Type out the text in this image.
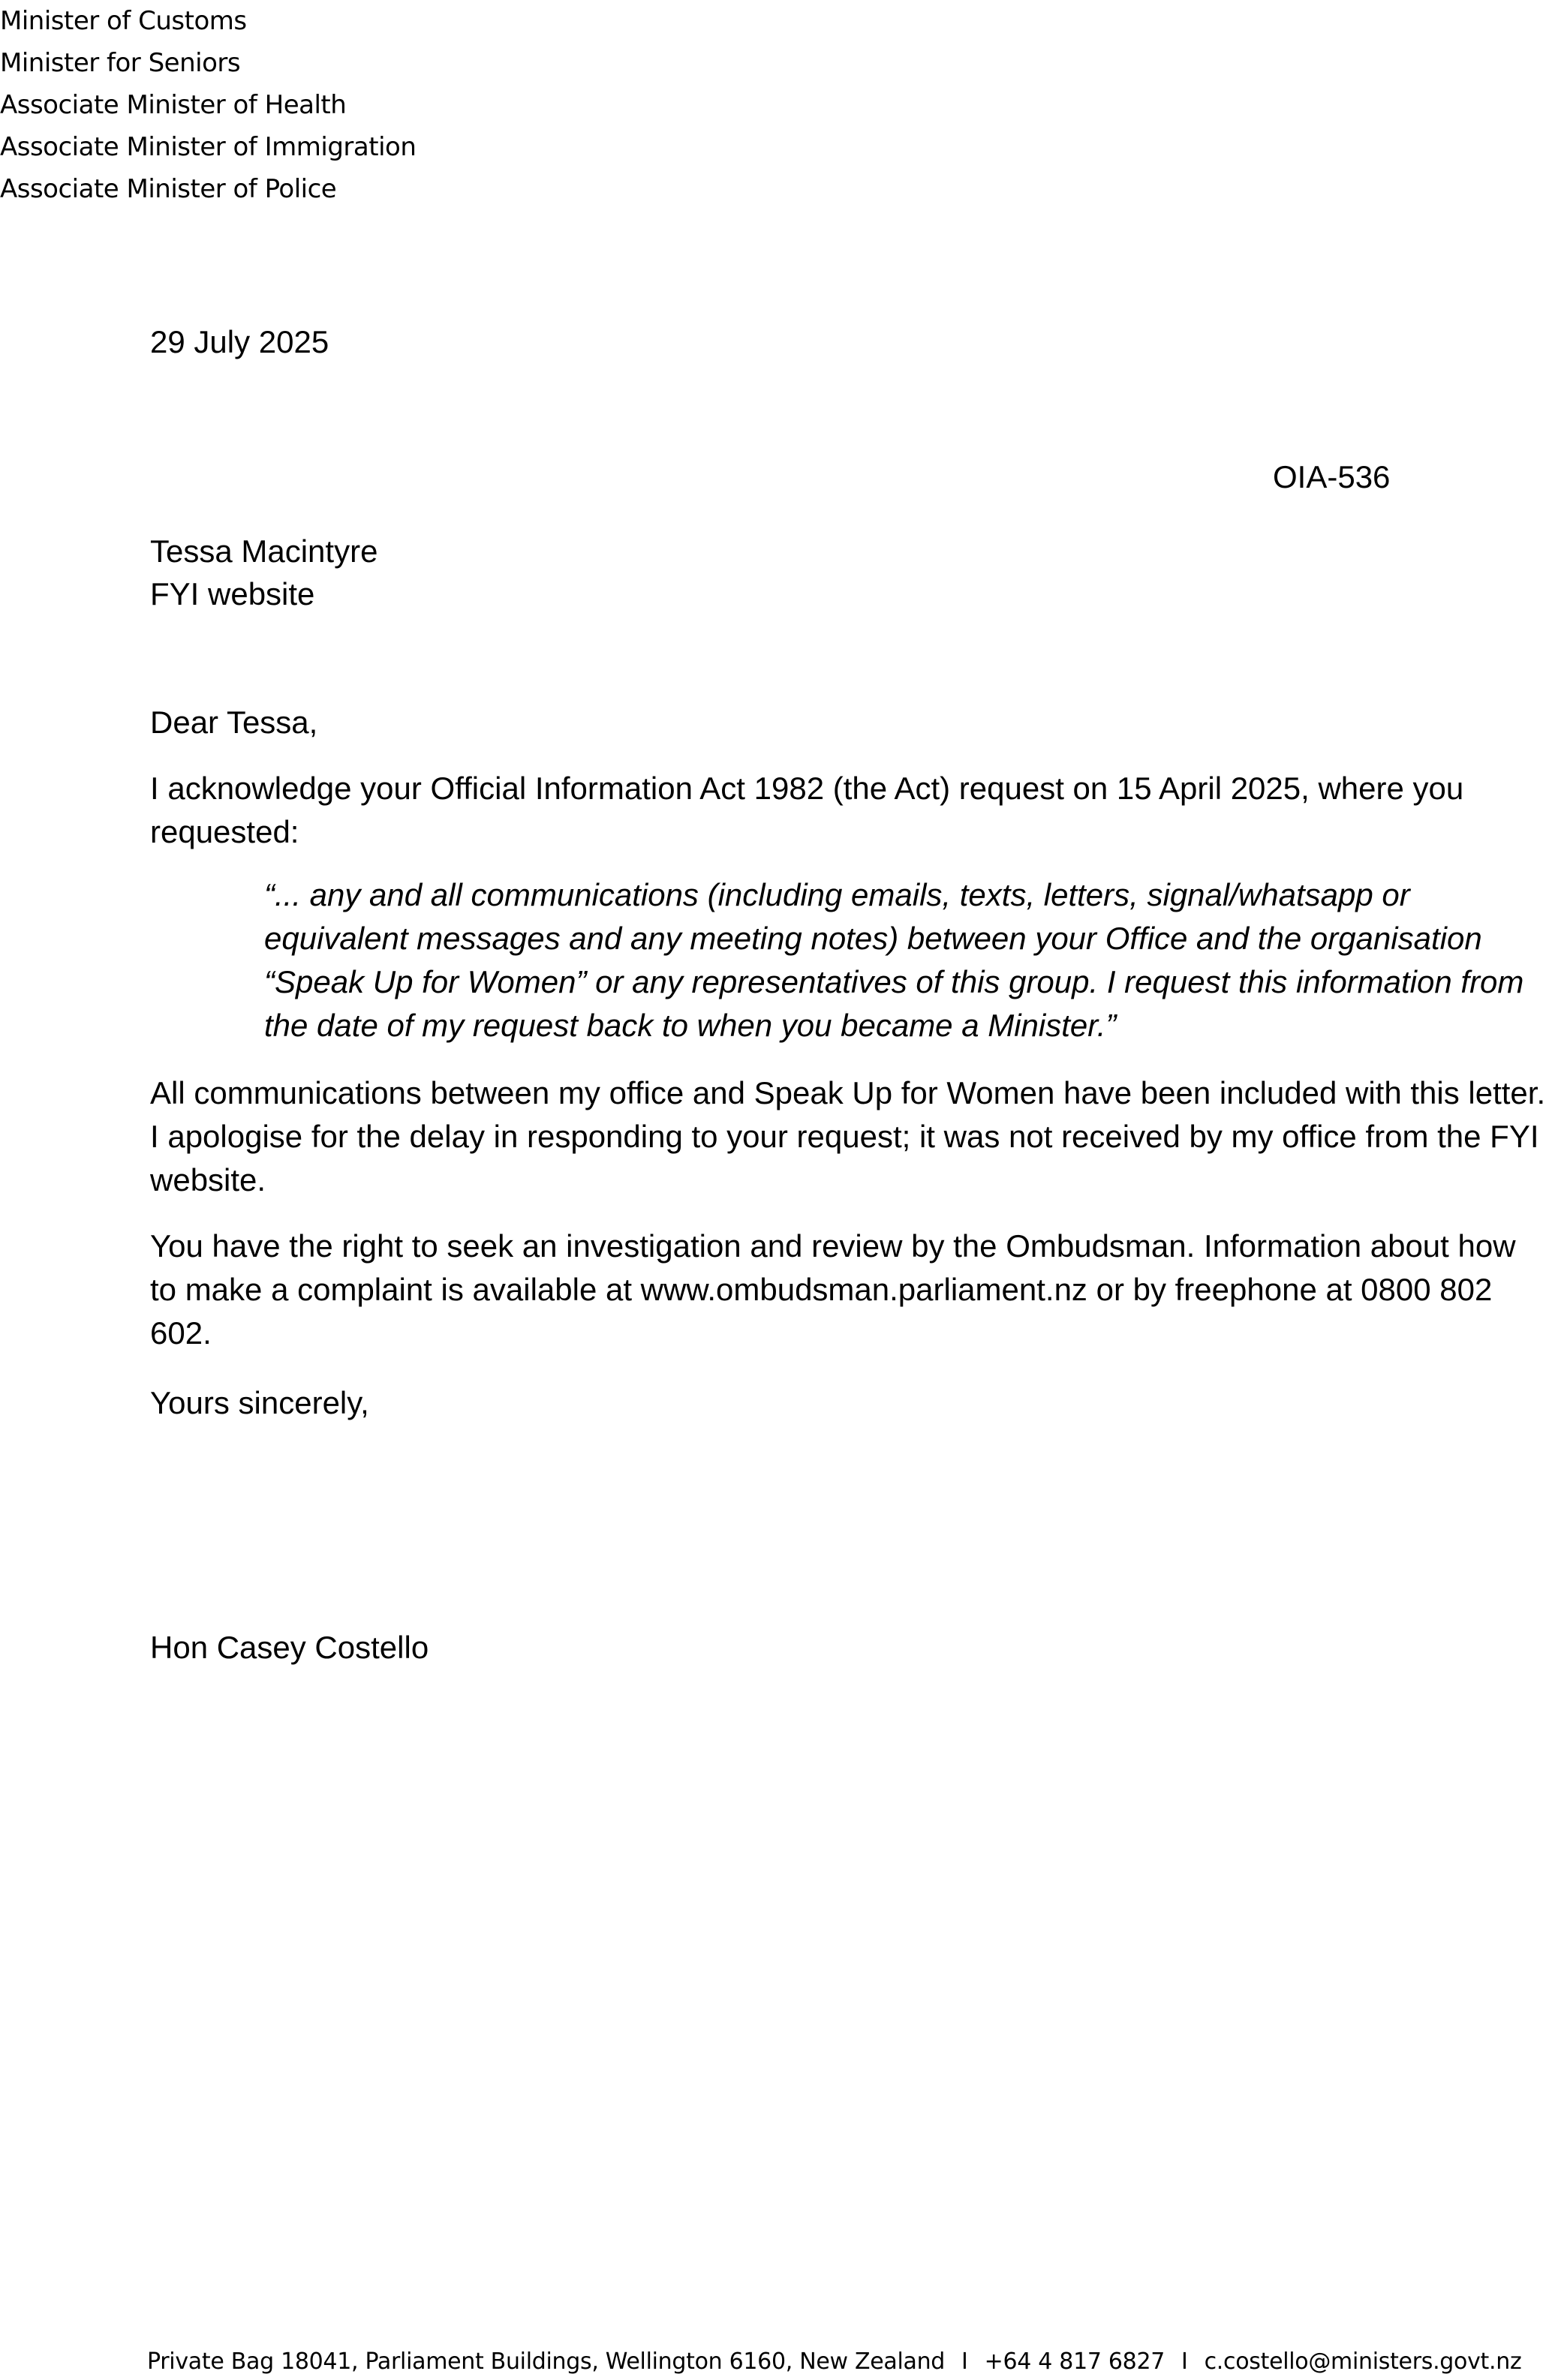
Minister of Customs
Minister for Seniors
Associate Minister of Health
Associate Minister of Immigration
Associate Minister of Police
29 July 2025
OIA-536
Tessa Macintyre
FYI website
Dear Tessa,
I acknowledge your Official Information Act 1982 (the Act) request on 15 April 2025, where you requested:
“... any and all communications (including emails, texts, letters, signal/whatsapp or equivalent messages and any meeting notes) between your Office and the organisation “Speak Up for Women” or any representatives of this group. I request this information from the date of my request back to when you became a Minister.”
All communications between my office and Speak Up for Women have been included with this letter. I apologise for the delay in responding to your request; it was not received by my office from the FYI website.
You have the right to seek an investigation and review by the Ombudsman. Information about how to make a complaint is available at www.ombudsman.parliament.nz or by freephone at 0800 802 602.
Yours sincerely,
Hon Casey Costello
Private Bag 18041, Parliament Buildings, Wellington 6160, New Zealand I +64 4 817 6827 I c.costello@ministers.govt.nz
